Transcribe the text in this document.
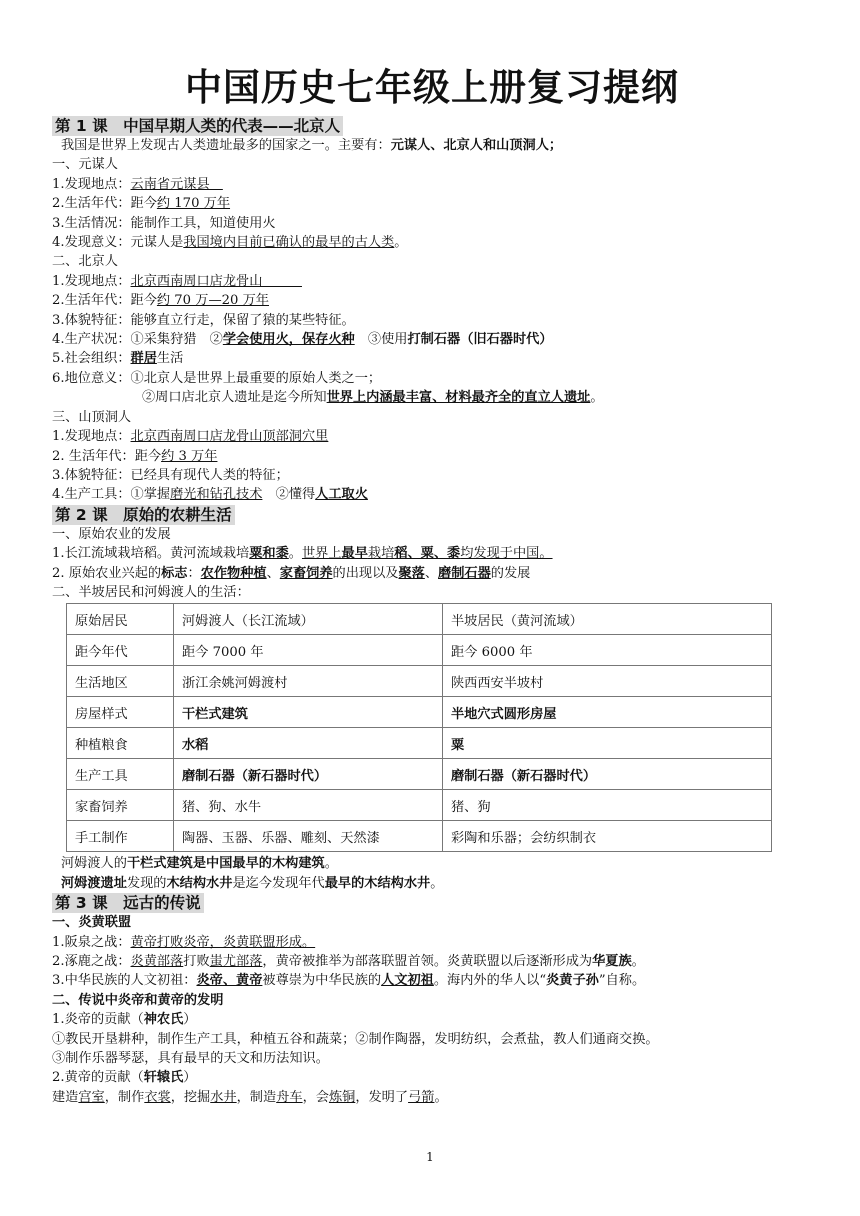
中国历史七年级上册复习提纲
第 1 课　中国早期人类的代表——北京人
我国是世界上发现古人类遗址最多的国家之一。主要有：元谋人、北京人和山顶洞人；
一、元谋人
1.发现地点：云南省元谋县　
2.生活年代：距今约 170 万年
3.生活情况：能制作工具，知道使用火
4.发现意义：元谋人是我国境内目前已确认的最早的古人类。
二、北京人
1.发现地点：北京西南周口店龙骨山　　　
2.生活年代：距今约 70 万—20 万年
3.体貌特征：能够直立行走，保留了猿的某些特征。
4.生产状况：①采集狩猎　②学会使用火，保存火种　③使用打制石器（旧石器时代）
5.社会组织：群居生活
6.地位意义：①北京人是世界上最重要的原始人类之一；
②周口店北京人遗址是迄今所知世界上内涵最丰富、材料最齐全的直立人遗址。
三、山顶洞人
1.发现地点：北京西南周口店龙骨山顶部洞穴里
2. 生活年代：距今约 3 万年
3.体貌特征：已经具有现代人类的特征；
4.生产工具：①掌握磨光和钻孔技术　②懂得人工取火
第 2 课　原始的农耕生活
一、原始农业的发展
1.长江流域栽培稻。黄河流域栽培粟和黍。世界上最早栽培稻、粟、黍均发现于中国。
2. 原始农业兴起的标志：农作物种植、家畜饲养的出现以及聚落、磨制石器的发展
二、半坡居民和河姆渡人的生活：
原始居民	河姆渡人（长江流域）	半坡居民（黄河流域）
距今年代	距今 7000 年	距今 6000 年
生活地区	浙江余姚河姆渡村	陕西西安半坡村
房屋样式	干栏式建筑	半地穴式圆形房屋
种植粮食	水稻	粟
生产工具	磨制石器（新石器时代）	磨制石器（新石器时代）
家畜饲养	猪、狗、水牛	猪、狗
手工制作	陶器、玉器、乐器、雕刻、天然漆	彩陶和乐器；会纺织制衣
河姆渡人的干栏式建筑是中国最早的木构建筑。
河姆渡遗址发现的木结构水井是迄今发现年代最早的木结构水井。
第 3 课　远古的传说
一、炎黄联盟
1.阪泉之战：黄帝打败炎帝，炎黄联盟形成。
2.涿鹿之战：炎黄部落打败蚩尤部落，黄帝被推举为部落联盟首领。炎黄联盟以后逐渐形成为华夏族。
3.中华民族的人文初祖：炎帝、黄帝被尊崇为中华民族的人文初祖。海内外的华人以“炎黄子孙”自称。
二、传说中炎帝和黄帝的发明
1.炎帝的贡献（神农氏）
①教民开垦耕种，制作生产工具，种植五谷和蔬菜；②制作陶器，发明纺织，会煮盐，教人们通商交换。
③制作乐器琴瑟，具有最早的天文和历法知识。
2.黄帝的贡献（轩辕氏）
建造宫室，制作衣裳，挖掘水井，制造舟车，会炼铜，发明了弓箭。
1
